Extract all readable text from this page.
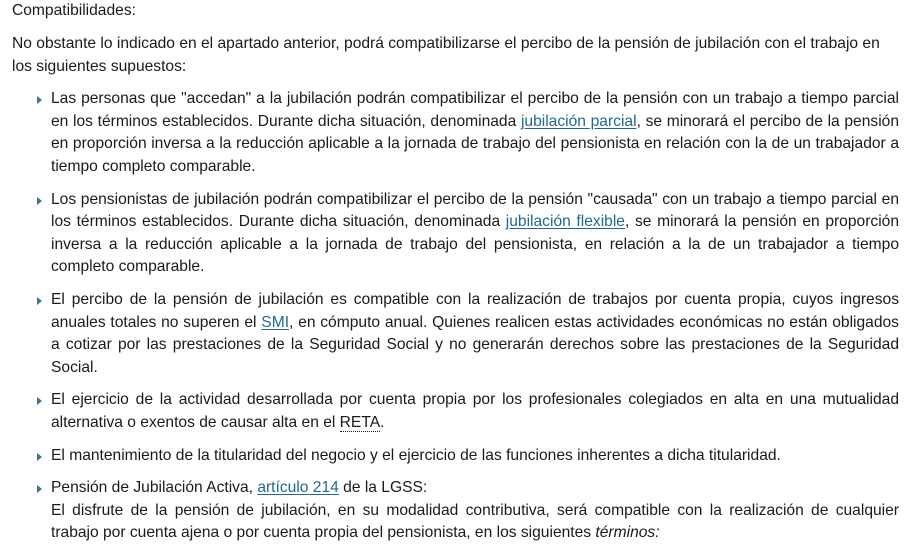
Compatibilidades:

No obstante lo indicado en el apartado anterior, podrá compatibilizarse el percibo de la pensión de jubilación con el trabajo en los siguientes supuestos:

Las personas que "accedan" a la jubilación podrán compatibilizar el percibo de la pensión con un trabajo a tiempo parcial en los términos establecidos. Durante dicha situación, denominada jubilación parcial, se minorará el percibo de la pensión en proporción inversa a la reducción aplicable a la jornada de trabajo del pensionista en relación con la de un trabajador a tiempo completo comparable.
Los pensionistas de jubilación podrán compatibilizar el percibo de la pensión "causada" con un trabajo a tiempo parcial en los términos establecidos. Durante dicha situación, denominada jubilación flexible, se minorará la pensión en proporción inversa a la reducción aplicable a la jornada de trabajo del pensionista, en relación a la de un trabajador a tiempo completo comparable.
El percibo de la pensión de jubilación es compatible con la realización de trabajos por cuenta propia, cuyos ingresos anuales totales no superen el SMI, en cómputo anual. Quienes realicen estas actividades económicas no están obligados a cotizar por las prestaciones de la Seguridad Social y no generarán derechos sobre las prestaciones de la Seguridad Social.
El ejercicio de la actividad desarrollada por cuenta propia por los profesionales colegiados en alta en una mutualidad alternativa o exentos de causar alta en el RETA.
El mantenimiento de la titularidad del negocio y el ejercicio de las funciones inherentes a dicha titularidad.
Pensión de Jubilación Activa, artículo 214 de la LGSS:
El disfrute de la pensión de jubilación, en su modalidad contributiva, será compatible con la realización de cualquier trabajo por cuenta ajena o por cuenta propia del pensionista, en los siguientes términos:
